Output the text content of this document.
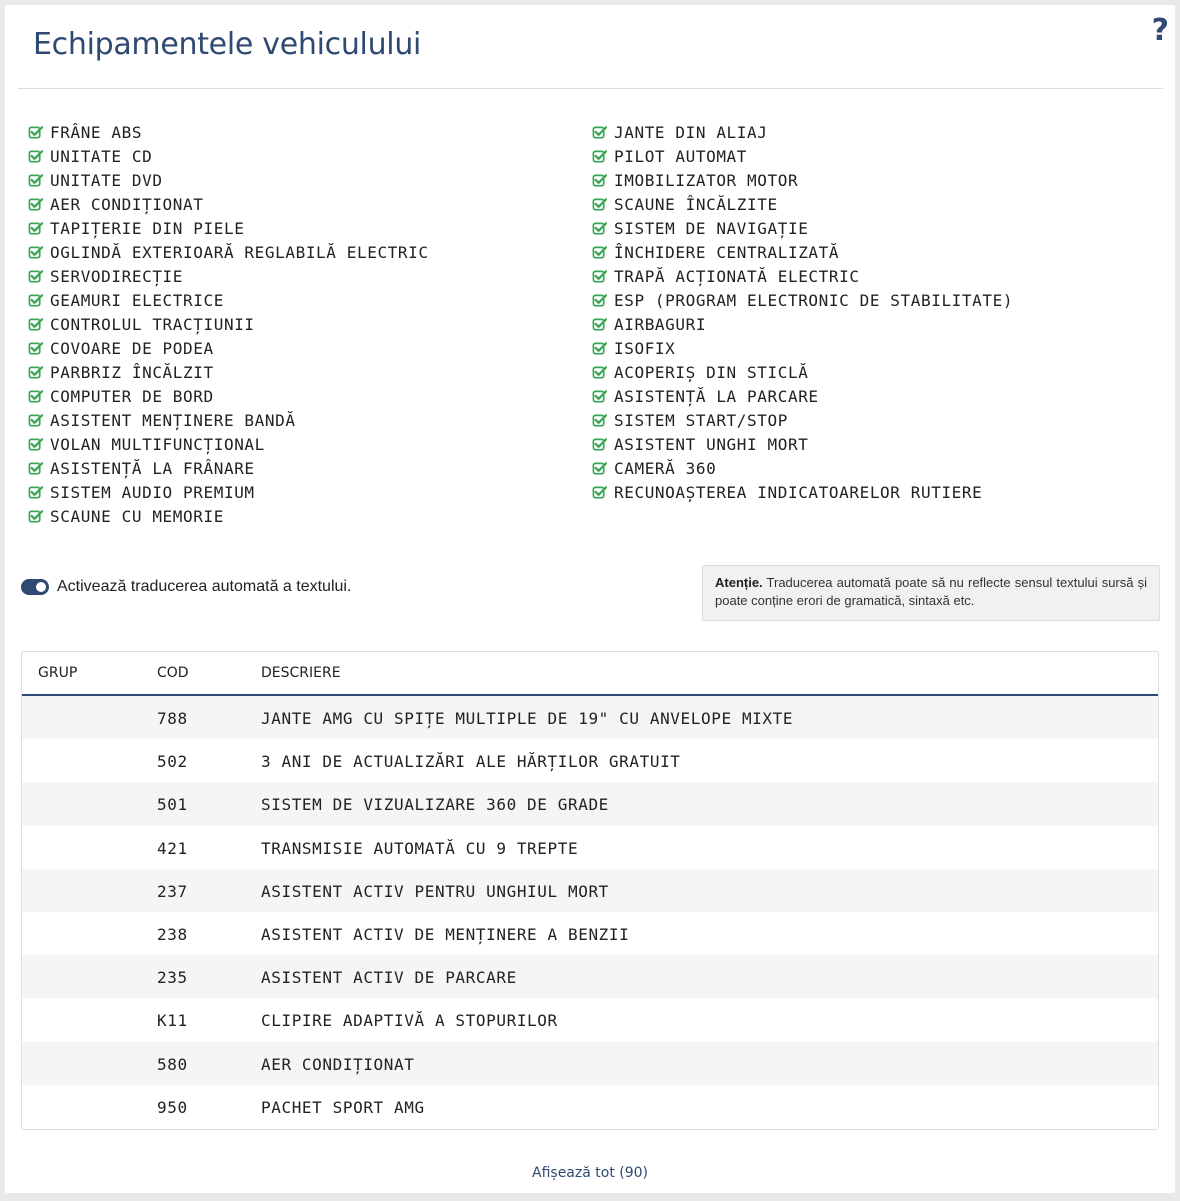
Echipamentele vehiculului	?
FRÂNE ABS
UNITATE CD
UNITATE DVD
AER CONDIȚIONAT
TAPIȚERIE DIN PIELE
OGLINDĂ EXTERIOARĂ REGLABILĂ ELECTRIC
SERVODIRECȚIE
GEAMURI ELECTRICE
CONTROLUL TRACȚIUNII
COVOARE DE PODEA
PARBRIZ ÎNCĂLZIT
COMPUTER DE BORD
ASISTENT MENȚINERE BANDĂ
VOLAN MULTIFUNCȚIONAL
ASISTENȚĂ LA FRÂNARE
SISTEM AUDIO PREMIUM
SCAUNE CU MEMORIE
JANTE DIN ALIAJ
PILOT AUTOMAT
IMOBILIZATOR MOTOR
SCAUNE ÎNCĂLZITE
SISTEM DE NAVIGAȚIE
ÎNCHIDERE CENTRALIZATĂ
TRAPĂ ACȚIONATĂ ELECTRIC
ESP (PROGRAM ELECTRONIC DE STABILITATE)
AIRBAGURI
ISOFIX
ACOPERIȘ DIN STICLĂ
ASISTENȚĂ LA PARCARE
SISTEM START/STOP
ASISTENT UNGHI MORT
CAMERĂ 360
RECUNOAȘTEREA INDICATOARELOR RUTIERE
Activează traducerea automată a textului.	Atenție. Traducerea automată poate să nu reflecte sensul textului sursă și poate conține erori de gramatică, sintaxă etc.
GRUP	COD	DESCRIERE
788	JANTE AMG CU SPIȚE MULTIPLE DE 19" CU ANVELOPE MIXTE
502	3 ANI DE ACTUALIZĂRI ALE HĂRȚILOR GRATUIT
501	SISTEM DE VIZUALIZARE 360 DE GRADE
421	TRANSMISIE AUTOMATĂ CU 9 TREPTE
237	ASISTENT ACTIV PENTRU UNGHIUL MORT
238	ASISTENT ACTIV DE MENȚINERE A BENZII
235	ASISTENT ACTIV DE PARCARE
K11	CLIPIRE ADAPTIVĂ A STOPURILOR
580	AER CONDIȚIONAT
950	PACHET SPORT AMG
Afișează tot (90)
